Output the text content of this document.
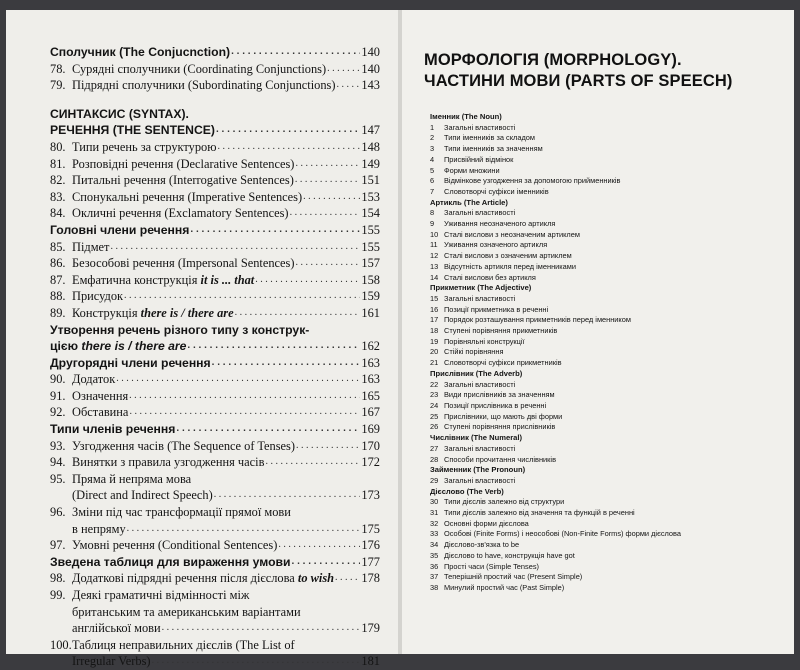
Сполучник (The Conjucnction) . . .	140
78. Сурядні сполучники (Coordinating Conjunctions) . . .	140
79. Підрядні сполучники (Subordinating Conjunctions) . . . 143
СИНТАКСИС (SYNTAX).
РЕЧЕННЯ (THE SENTENCE) . . .	147
80. Типи речень за структурою . . .	148
81. Розповідні речення (Declarative Sentences) . . .	149
82. Питальні речення (Interrogative Sentences) . . .	151
83. Спонукальні речення (Imperative Sentences) . . .	153
84. Окличні речення (Exclamatory Sentences) . . .	154
Головні члени речення . . .	155
85. Підмет . . .	155
86. Безособові речення (Impersonal Sentences) . . .	157
87. Емфатична конструкція it is ... that . . .	158
88. Присудок . . .	159
89. Конструкція there is / there are . . .	161
Утворення речень різного типу з конструк-
цією there is / there are . . .	162
Другорядні члени речення . . .	163
90. Додаток . . .	163
91. Означення . . .	165
92. Обставина . . .	167
Типи членів речення . . .	169
93. Узгодження часів (The Sequence of Tenses) . . .	170
94. Винятки з правила узгодження часів . . .	172
95. Пряма й непряма мова
(Direct and Indirect Speech) . . .	173
96. Зміни під час трансформації прямої мови
в непряму . . .	175
97. Умовні речення (Conditional Sentences) . . .	176
Зведена таблиця для вираження умови . . .	177
98. Додаткові підрядні речення після дієслова to wish . . . 178
99. Деякі граматичні відмінності між
британським та американським варіантами
англійської мови . . .	179
100. Таблиця неправильних дієслів (The List of
Irregular Verbs) . . .	181
МОРФОЛОГІЯ (MORPHOLOGY).
ЧАСТИНИ МОВИ (PARTS OF SPEECH)
Іменник (The Noun)
1	Загальні властивості
2	Типи іменників за складом
3	Типи іменників за значенням
4	Присвійний відмінок
5	Форми множини
6	Відмінкове узгодження за допомогою прийменників
7	Словотворчі суфікси іменників
Артикль (The Article)
8	Загальні властивості
9	Уживання неозначеного артикля
10 Сталі вислови з неозначеним артиклем
11 Уживання означеного артикля
12 Сталі вислови з означеним артиклем
13 Відсутність артикля перед іменниками
14 Сталі вислови без артикля
Прикметник (The Adjective)
15 Загальні властивості
16 Позиції прикметника в реченні
17 Порядок розташування прикметників перед іменником
18 Ступені порівняння прикметників
19 Порівняльні конструкції
20 Стійкі порівняння
21 Словотворчі суфікси прикметників
Прислівник (The Adverb)
22 Загальні властивості
23 Види прислівників за значенням
24 Позиції прислівника в реченні
25 Прислівники, що мають дві форми
26 Ступені порівняння прислівників
Числівник (The Numeral)
27 Загальні властивості
28 Способи прочитання числівників
Займенник (The Pronoun)
29 Загальні властивості
Дієслово (The Verb)
30 Типи дієслів залежно від структури
31 Типи дієслів залежно від значення та функцій в реченні
32 Основні форми дієслова
33 Особові (Finite Forms) і неособові (Non-Finite Forms) форми дієслова
34 Дієслово-зв'язка to be
35 Дієслово to have, конструкція have got
36 Прості часи (Simple Tenses)
37 Теперішній простий час (Present Simple)
38 Минулий простий час (Past Simple)
